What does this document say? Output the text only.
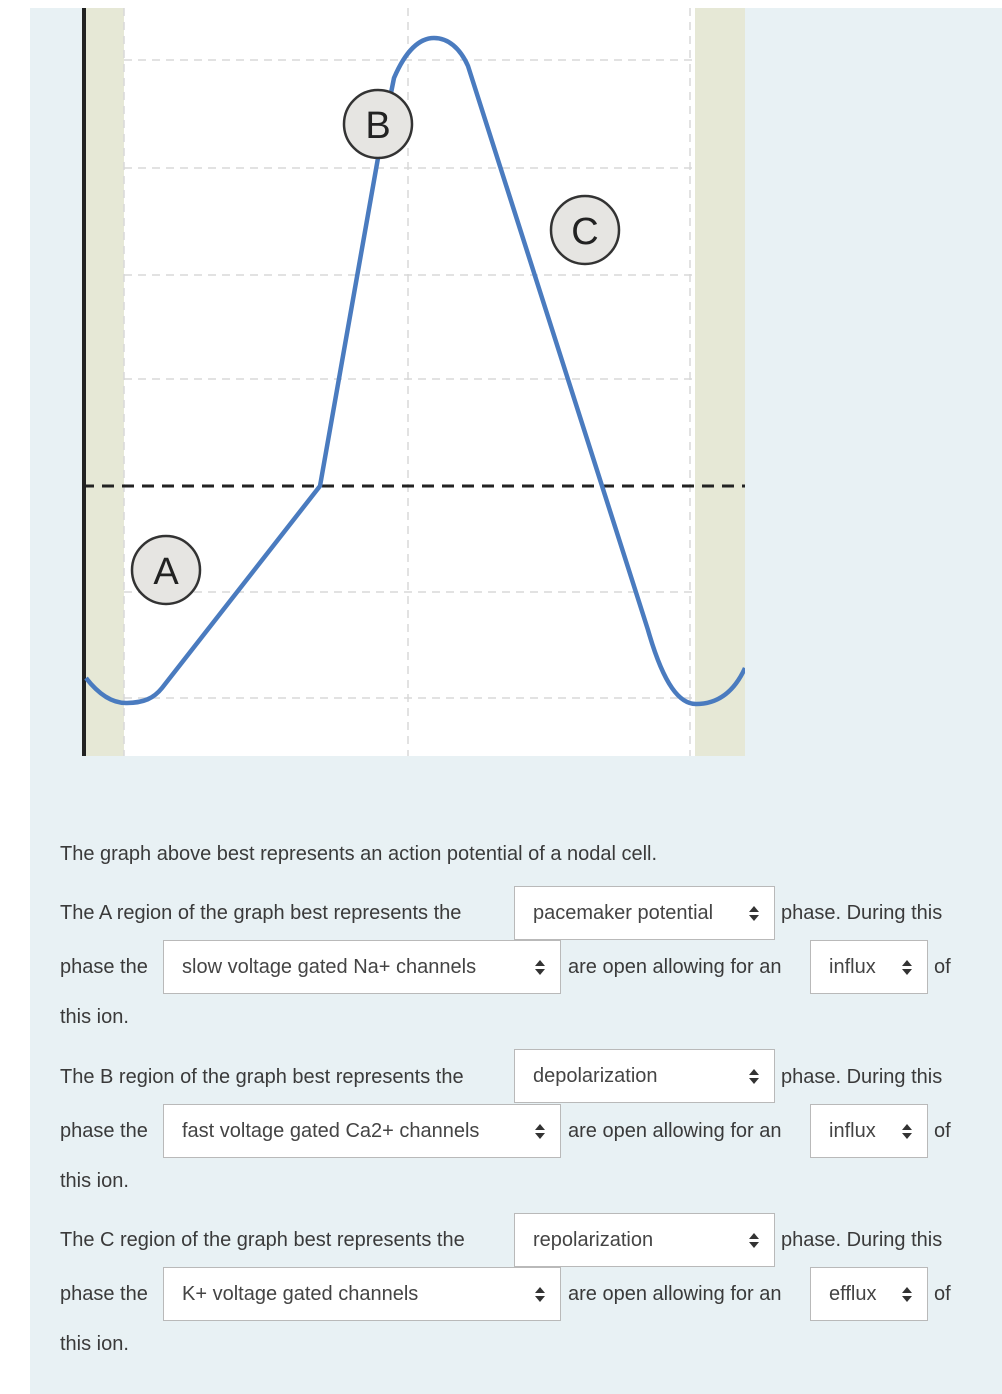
A
B
C
The graph above best represents an action potential of a nodal cell.
The A region of the graph best represents the	pacemaker potential	phase. During this
phase the	slow voltage gated Na+ channels	are open allowing for an	influx	of
this ion.
The B region of the graph best represents the	depolarization	phase. During this
phase the	fast voltage gated Ca2+ channels	are open allowing for an	influx	of
this ion.
The C region of the graph best represents the	repolarization	phase. During this
phase the	K+ voltage gated channels	are open allowing for an	efflux	of
this ion.
